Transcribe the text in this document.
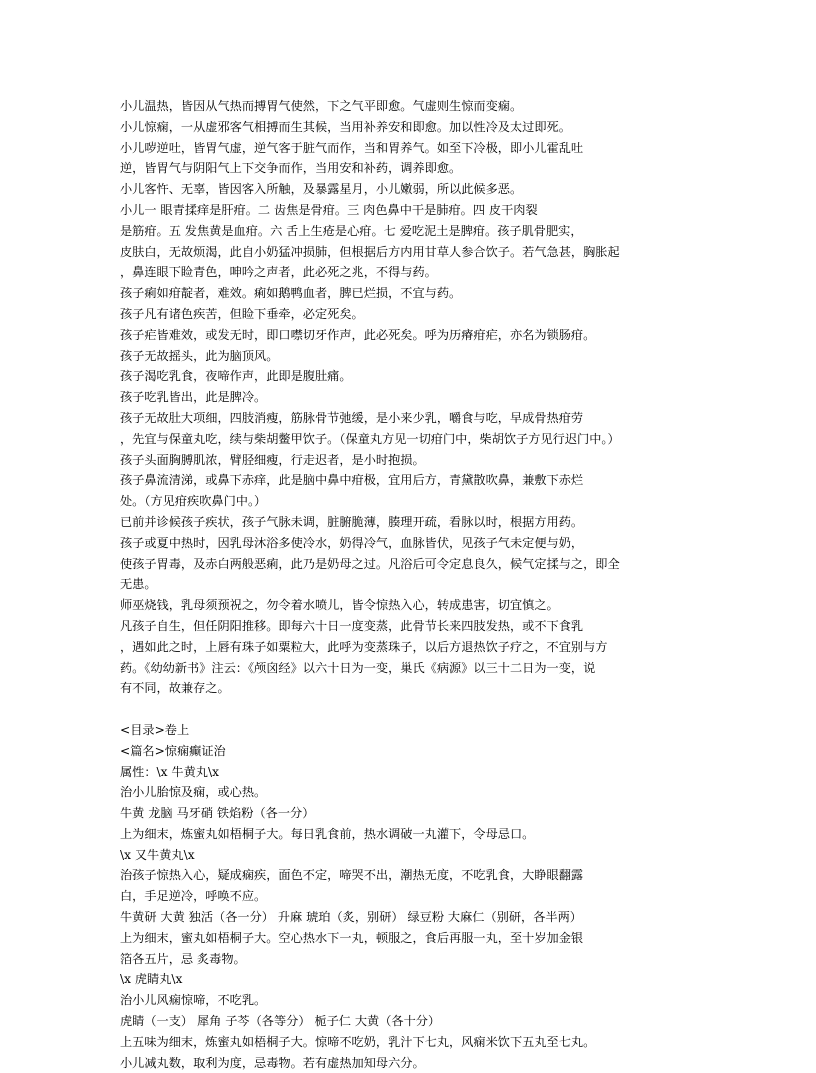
小儿温热，皆因从气热而搏胃气使然，下之气平即愈。气虚则生惊而变痫。
小儿惊痫，一从虚邪客气相搏而生其候，当用补养安和即愈。加以性冷及太过即死。
小儿哕逆吐，皆胃气虚，逆气客于脏气而作，当和胃养气。如至下冷极，即小儿霍乱吐
逆，皆胃气与阴阳气上下交争而作，当用安和补药，调养即愈。
小儿客忤、无辜，皆因客入所触，及暴露星月，小儿嫩弱，所以此候多恶。
小儿一 眼青揉痒是肝疳。二 齿焦是骨疳。三 肉色鼻中干是肺疳。四 皮干肉裂
是筋疳。五 发焦黄是血疳。六 舌上生疮是心疳。七 爱吃泥土是脾疳。孩子肌骨肥实，
皮肤白，无故烦渴，此自小奶猛冲损肺，但根据后方内用甘草人参合饮子。若气急甚，胸胀起
，鼻连眼下睑青色，呻吟之声者，此必死之兆，不得与药。
孩子痢如疳靛者，难效。痢如鹅鸭血者，脾已烂损，不宜与药。
孩子凡有诸色疾苦，但睑下垂牵，必定死矣。
孩子疟皆难效，或发无时，即口噤切牙作声，此必死矣。呼为历瘠疳疟，亦名为锁肠疳。
孩子无故摇头，此为脑顶风。
孩子渴吃乳食，夜啼作声，此即是腹肚痛。
孩子吃乳皆出，此是脾冷。
孩子无故肚大项细，四肢消瘦，筋脉骨节弛缓，是小来少乳，嚼食与吃，早成骨热疳劳
，先宜与保童丸吃，续与柴胡鳖甲饮子。（保童丸方见一切疳门中，柴胡饮子方见行迟门中。）
孩子头面胸膊肌浓，臂胫细瘦，行走迟者，是小时抱损。
孩子鼻流清涕，或鼻下赤痒，此是脑中鼻中疳极，宜用后方，青黛散吹鼻，兼敷下赤烂
处。（方见疳疾吹鼻门中。）
已前并诊候孩子疾状，孩子气脉未调，脏腑脆薄，腠理开疏，看脉以时，根据方用药。
孩子或夏中热时，因乳母沐浴多使冷水，奶得冷气，血脉皆伏，见孩子气未定便与奶，
使孩子胃毒，及赤白两般恶痢，此乃是奶母之过。凡浴后可令定息良久，候气定揉与之，即全
无患。
师巫烧钱，乳母须预祝之，勿令着水喷儿，皆令惊热入心，转成患害，切宜慎之。
凡孩子自生，但任阴阳推移。即每六十日一度变蒸，此骨节长来四肢发热，或不下食乳
，遇如此之时，上唇有珠子如粟粒大，此呼为变蒸珠子，以后方退热饮子疗之，不宜别与方
药。《幼幼新书》注云：《颅囟经》以六十日为一变，巢氏《病源》以三十二日为一变，说
有不同，故兼存之。
<目录>卷上
<篇名>惊痫癫证治
属性：\x 牛黄丸\x
治小儿胎惊及痫，或心热。
牛黄 龙脑 马牙硝 铁焰粉（各一分）
上为细末，炼蜜丸如梧桐子大。每日乳食前，热水调破一丸灌下，令母忌口。
\x 又牛黄丸\x
治孩子惊热入心，疑成痫疾，面色不定，啼哭不出，潮热无度，不吃乳食，大睁眼翻露
白，手足逆冷，呼唤不应。
牛黄研 大黄 独活（各一分） 升麻 琥珀（炙，别研） 绿豆粉 大麻仁（别研，各半两）
上为细末，蜜丸如梧桐子大。空心热水下一丸，顿服之，食后再服一丸，至十岁加金银
箔各五片，忌 炙毒物。
\x 虎睛丸\x
治小儿风痫惊啼，不吃乳。
虎睛（一支） 犀角 子芩（各等分） 栀子仁 大黄（各十分）
上五味为细末，炼蜜丸如梧桐子大。惊啼不吃奶，乳汁下七丸，风痫米饮下五丸至七丸。
小儿减丸数，取利为度，忌毒物。若有虚热加知母六分。
